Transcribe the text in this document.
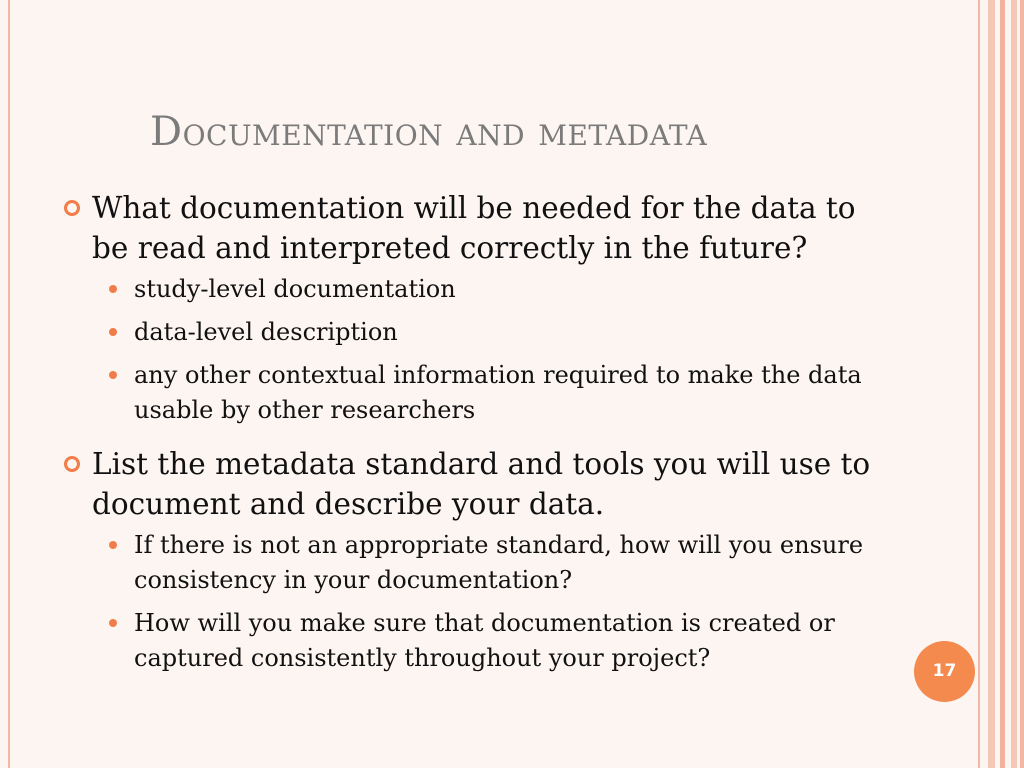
Documentation and metadata

What documentation will be needed for the data to be read and interpreted correctly in the future?

study-level documentation

data-level description

any other contextual information required to make the data usable by other researchers

List the metadata standard and tools you will use to document and describe your data.

If there is not an appropriate standard, how will you ensure consistency in your documentation?

How will you make sure that documentation is created or captured consistently throughout your project?	17
